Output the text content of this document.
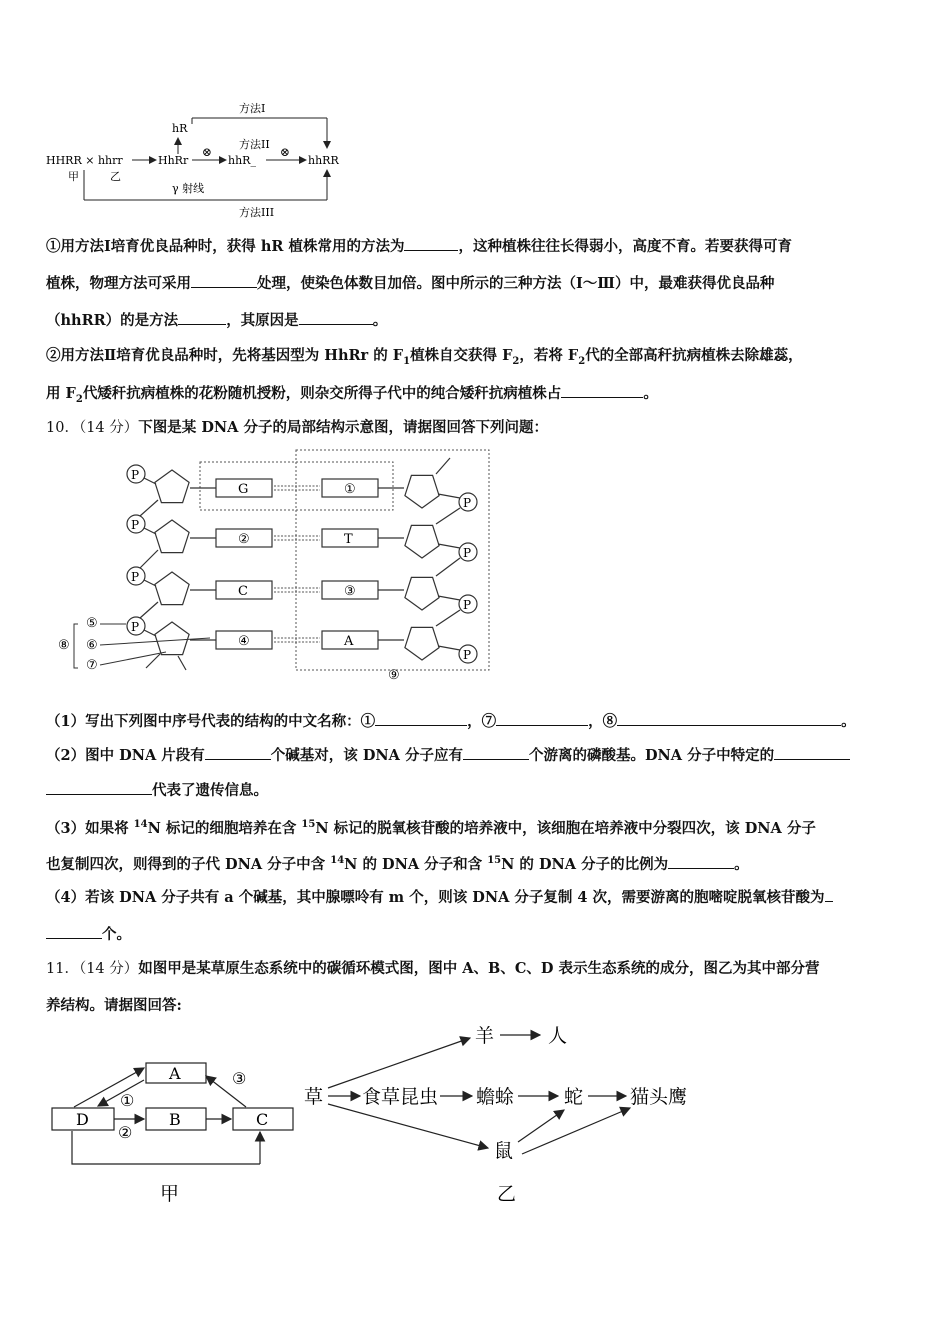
方法I
hR
方法II
HHRR × hhrr	HhRr
⊗
hhR_
⊗
hhRR
甲	乙
γ 射线
方法III
①用方法Ⅰ培育优良品种时，获得 hR 植株常用的方法为	，这种植株往往长得弱小，高度不育。若要获得可育
植株，物理方法可采用	处理，使染色体数目加倍。图中所示的三种方法（Ⅰ～Ⅲ）中，最难获得优良品种
（hhRR）的是方法	，其原因是	。
②用方法Ⅱ培育优良品种时，先将基因型为 HhRr 的 $F_1$植株自交获得 $F_2$，若将 $F_2$代的全部高秆抗病植株去除雄蕊，
用 $F_2$代矮秆抗病植株的花粉随机授粉，则杂交所得子代中的纯合矮秆抗病植株占	。
10．（14 分）下图是某 DNA 分子的局部结构示意图，请据图回答下列问题：
⑨
P
G
P
②
P
C
P
④
①
P
T
P
③
P
A
P
⑤
⑥
⑦
⑧
（1）写出下列图中序号代表的结构的中文名称：①	，⑦	，⑧	。
（2）图中 DNA 片段有	个碱基对，该 DNA 分子应有	个游离的磷酸基。DNA 分子中特定的
代表了遗传信息。
（3）如果将 $^{14}$N 标记的细胞培养在含 $^{15}$N 标记的脱氧核苷酸的培养液中，该细胞在培养液中分裂四次，该 DNA 分子
也复制四次，则得到的子代 DNA 分子中含 $^{14}$N 的 DNA 分子和含 $^{15}$N 的 DNA 分子的比例为	。
（4）若该 DNA 分子共有 a 个碱基，其中腺嘌呤有 m 个，则该 DNA 分子复制 4 次，需要游离的胞嘧啶脱氧核苷酸为
个。
11．（14 分）如图甲是某草原生态系统中的碳循环模式图，图中 A、B、C、D 表示生态系统的成分，图乙为其中部分营
养结构。请据图回答:
A
D	B	C
①
②
③
甲
羊	人
草 食草昆虫 蟾蜍	蛇 猫头鹰
鼠
乙
